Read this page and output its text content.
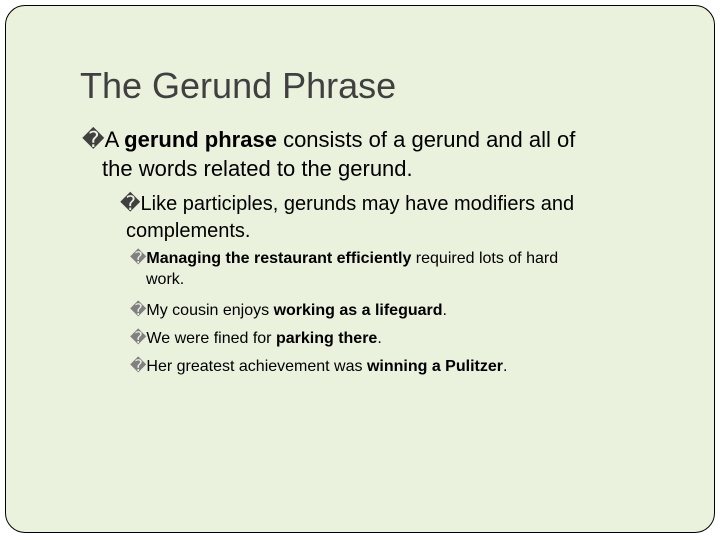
The Gerund Phrase
�A gerund phrase consists of a gerund and all of
the words related to the gerund.
�Like participles, gerunds may have modifiers and
complements.
�Managing the restaurant efficiently required lots of hard
work.
�My cousin enjoys working as a lifeguard.
�We were fined for parking there.
�Her greatest achievement was winning a Pulitzer.
